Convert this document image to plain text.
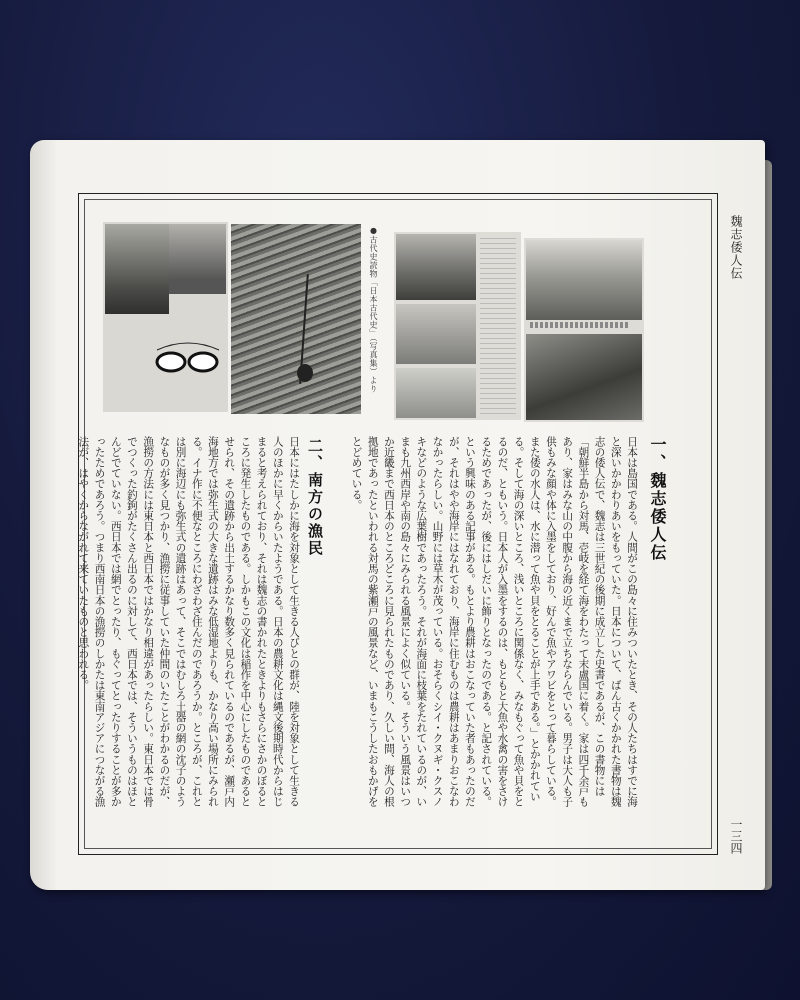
魏志倭人伝
一三四
●古代史読物「日本古代史」（写真集）より
一、魏志倭人伝
日本は島国である。人間がこの島々に住みついたとき、その人たちはすでに海と深いかかわりあいをもっていた。日本について、ばん古くかかれた書物は魏志の倭人伝で、魏志は三世紀の後期に成立した史書であるが、この書物には「朝鮮半島から対馬、壱岐を経て海をわたって末盧国に着く。家は四千余戸もあり、家はみな山の中腹から海の近くまで立ちならんでいる。男子は大人も子供もみな顔や体に入墨をしており、好んで魚やアワビをとって暮らしている。また倭の水人は、水に潜って魚や貝をとることが上手である。」とかかれている。そして海の深いところ、浅いところに関係なく、みなもぐって魚や貝をとるのだ、ともいう。日本人が入墨をするのは、もともと大魚や水禽の害をさけるためであったが、後にはしだいに飾りとなったのである。と記されている。という興味のある記事がある。もとより農耕はおこなっていた者もあったのだが、それはやや海岸にはなれており、海岸に住むものは農耕はあまりおこなわなかったらしい。山野には草木が茂っている。おそらくシイ・クヌギ・クスノキなどのような広葉樹であったろう。それが海面に枝葉をたれているのが、いまも九州西岸や南の島々にみられる風景によく似ている。そういう風景はいつか近畿まで西日本のところどころに見られたものであり、久しい間、海人の根拠地であったといわれる対馬の紫瀬戸の風景など、いまもこうしたおもかげをとどめている。
二、南方の漁民
日本にはたしかに海を対象として生きる人びとの群が、陸を対象として生きる人のほかに早くからいたようである。日本の農耕文化は縄文後期時代からはじまると考えられており、それは魏志の書かれたときよりもさらにさかのぼるところに発生したものである。しかもこの文化は稲作を中心にしたものであるとせられ、その遺跡から出土するかなり数多く見られているのであるが、瀬戸内海地方では弥生式の大きな遺跡はみな低湿地よりも、かなり高い場所にみられる。イナ作に不便なところにわざわざ住んだのであろうか。ところが、これとは別に海辺にも弥生式の遺跡はあって、そこではむしろ土器の網の沈子のようなものが多く見つかり、漁撈に従事していた仲間のいたことがわかるのだが、漁撈の方法には東日本と西日本ではかなり相違があったらしい。東日本では骨でつくった釣鉤がたくさん出るのに対して、西日本では、そういうものはほとんどでていない。西日本では網でとったり、もぐってとったりすることが多かったためであろう。つまり西南日本の漁撈のしかたは東南アジアにつながる漁法が、はやくからながれて来ていたものと思われる。
